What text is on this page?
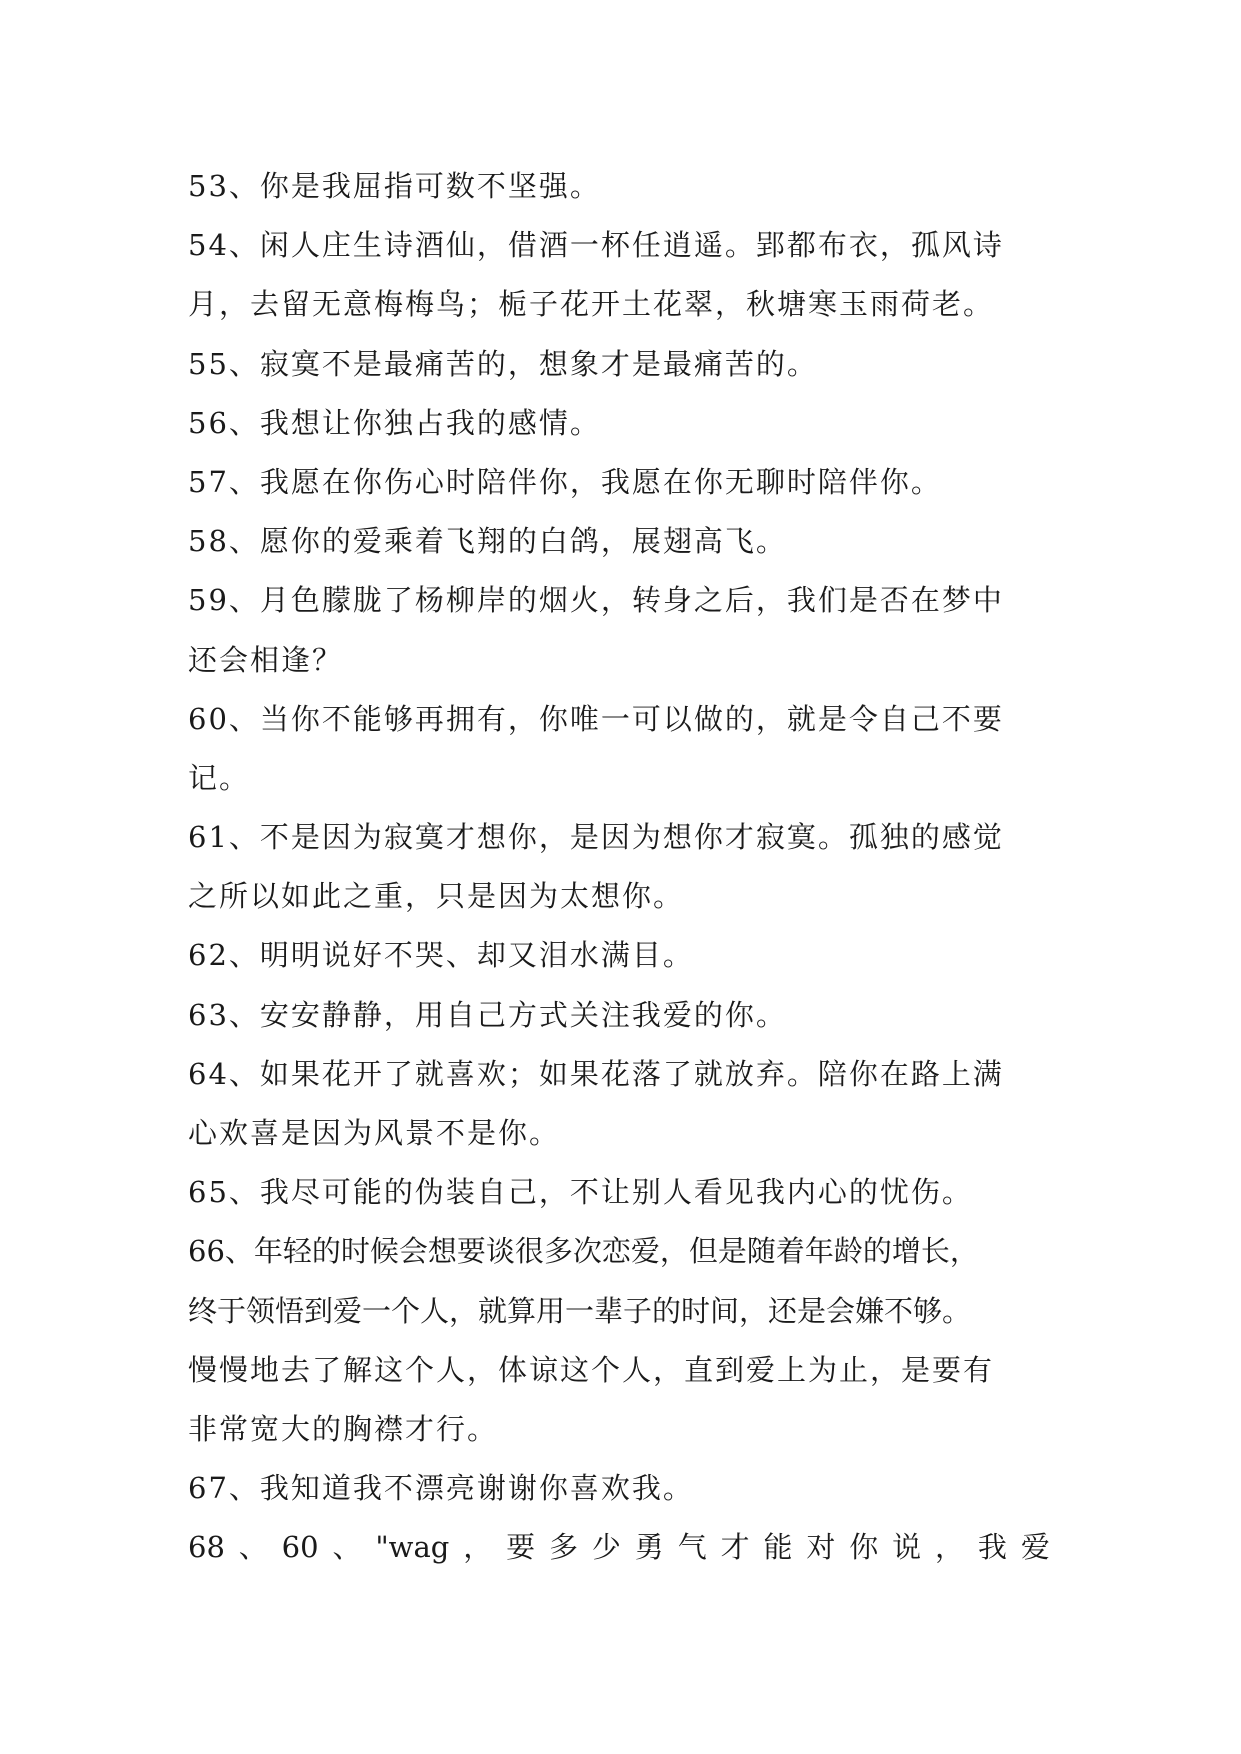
53、你是我屈指可数不坚强。
54、闲人庄生诗酒仙，借酒一杯任逍遥。郢都布衣，孤风诗
月，去留无意梅梅鸟；栀子花开土花翠，秋塘寒玉雨荷老。
55、寂寞不是最痛苦的，想象才是最痛苦的。
56、我想让你独占我的感情。
57、我愿在你伤心时陪伴你，我愿在你无聊时陪伴你。
58、愿你的爱乘着飞翔的白鸽，展翅高飞。
59、月色朦胧了杨柳岸的烟火，转身之后，我们是否在梦中
还会相逢？
60、当你不能够再拥有，你唯一可以做的，就是令自己不要
记。
61、不是因为寂寞才想你，是因为想你才寂寞。孤独的感觉
之所以如此之重，只是因为太想你。
62、明明说好不哭、却又泪水满目。
63、安安静静，用自己方式关注我爱的你。
64、如果花开了就喜欢；如果花落了就放弃。陪你在路上满
心欢喜是因为风景不是你。
65、我尽可能的伪装自己，不让别人看见我内心的忧伤。
66、年轻的时候会想要谈很多次恋爱，但是随着年龄的增长，
终于领悟到爱一个人，就算用一辈子的时间，还是会嫌不够。
慢慢地去了解这个人，体谅这个人，直到爱上为止，是要有
非常宽大的胸襟才行。
67、我知道我不漂亮谢谢你喜欢我。
68 、 60 、 "wag ， 要 多 少 勇 气 才 能 对 你 说 ， 我 爱
